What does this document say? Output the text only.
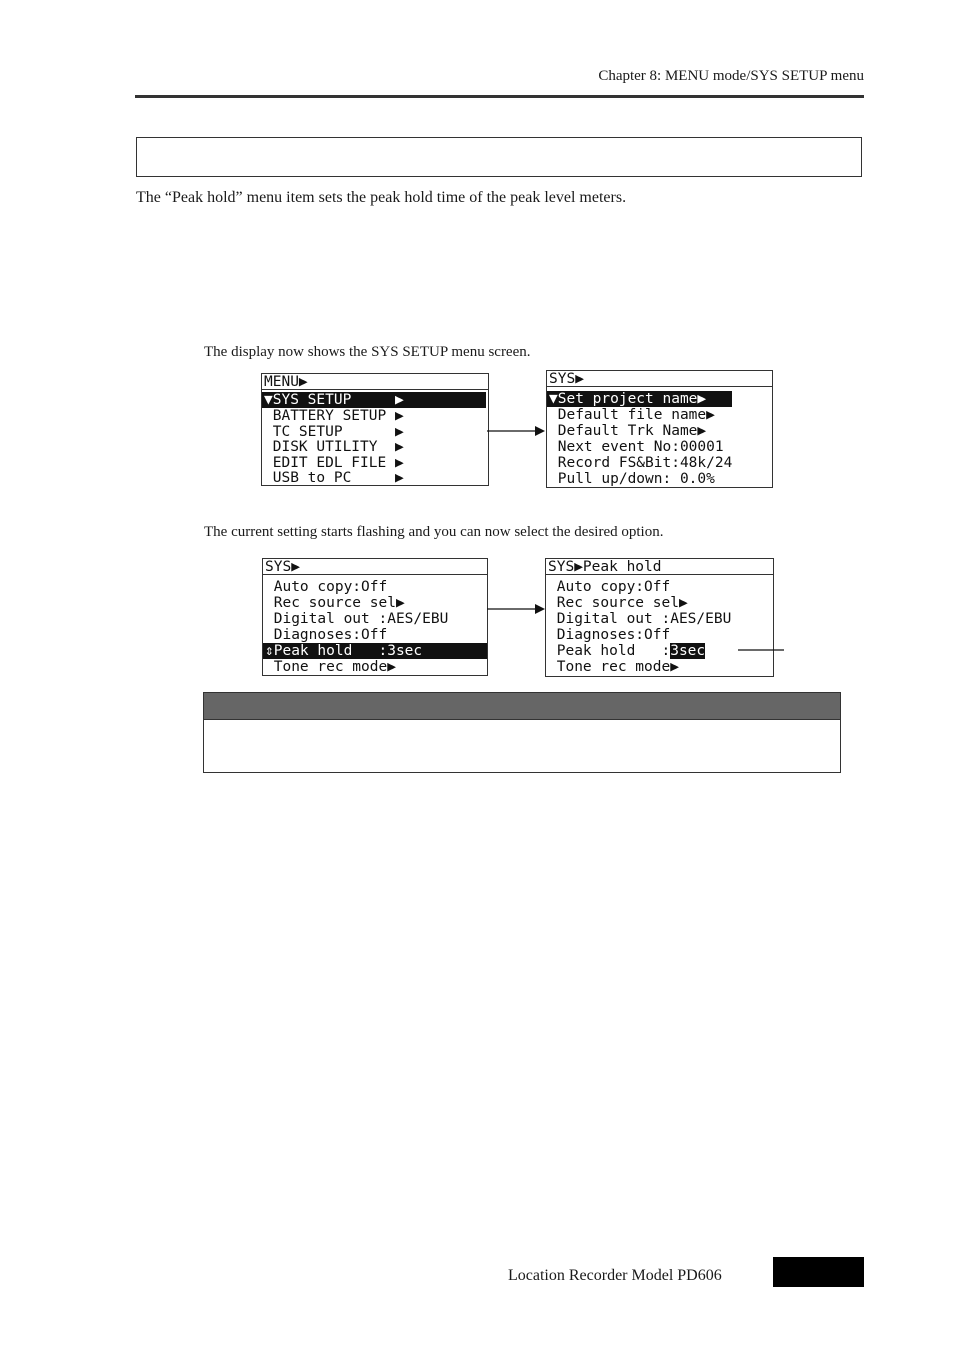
Chapter 8: MENU mode/SYS SETUP menu
The “Peak hold” menu item sets the peak hold time of the peak level meters.
The display now shows the SYS SETUP menu screen.
MENU▶
▼SYS SETUP     ▶
BATTERY SETUP ▶
TC SETUP      ▶
DISK UTILITY  ▶
EDIT EDL FILE ▶
USB to PC     ▶
SYS▶
▼Set project name▶
Default file name▶
Default Trk Name▶
Next event No:00001
Record FS&Bit:48k/24
Pull up/down: 0.0%
The current setting starts flashing and you can now select the desired option.
SYS▶
Auto copy:Off
Rec source sel▶
Digital out :AES/EBU
Diagnoses:Off
⇕Peak hold   :3sec
Tone rec mode▶
SYS▶Peak hold
Auto copy:Off
Rec source sel▶
Digital out :AES/EBU
Diagnoses:Off
Peak hold   :3sec
Tone rec mode▶
Location Recorder Model PD606
